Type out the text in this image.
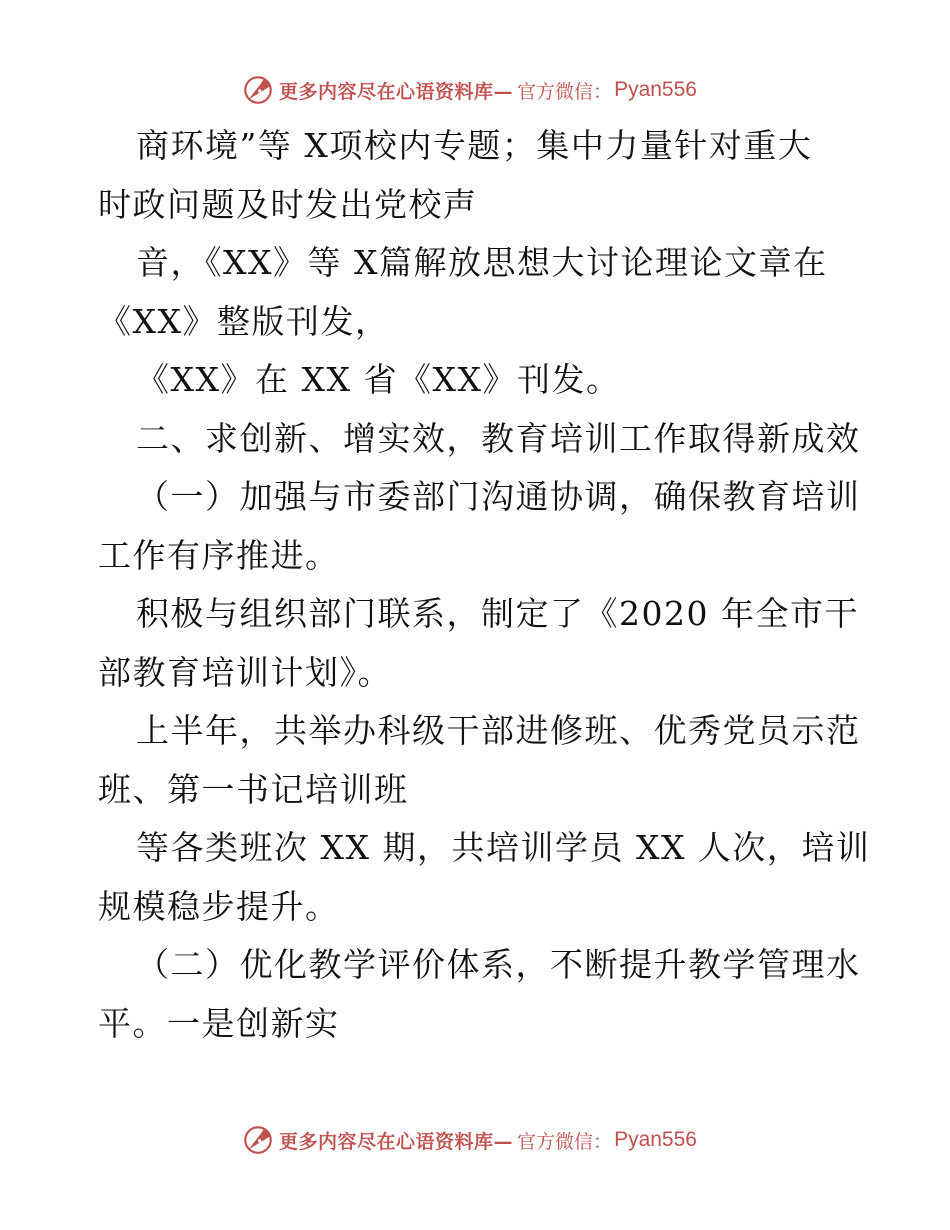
更多内容尽在心语资料库— 官方微信： Pyan556
商环境”等 X项校内专题；集中力量针对重大
时政问题及时发出党校声
音，《XX》等 X篇解放思想大讨论理论文章在
《XX》整版刊发，
《XX》在 XX 省《XX》刊发。
二、求创新、增实效，教育培训工作取得新成效
（一）加强与市委部门沟通协调，确保教育培训
工作有序推进。
积极与组织部门联系，制定了《2020 年全市干
部教育培训计划》。
上半年，共举办科级干部进修班、优秀党员示范
班、第一书记培训班
等各类班次 XX 期，共培训学员 XX 人次，培训
规模稳步提升。
（二）优化教学评价体系，不断提升教学管理水
平。一是创新实
更多内容尽在心语资料库— 官方微信： Pyan556
